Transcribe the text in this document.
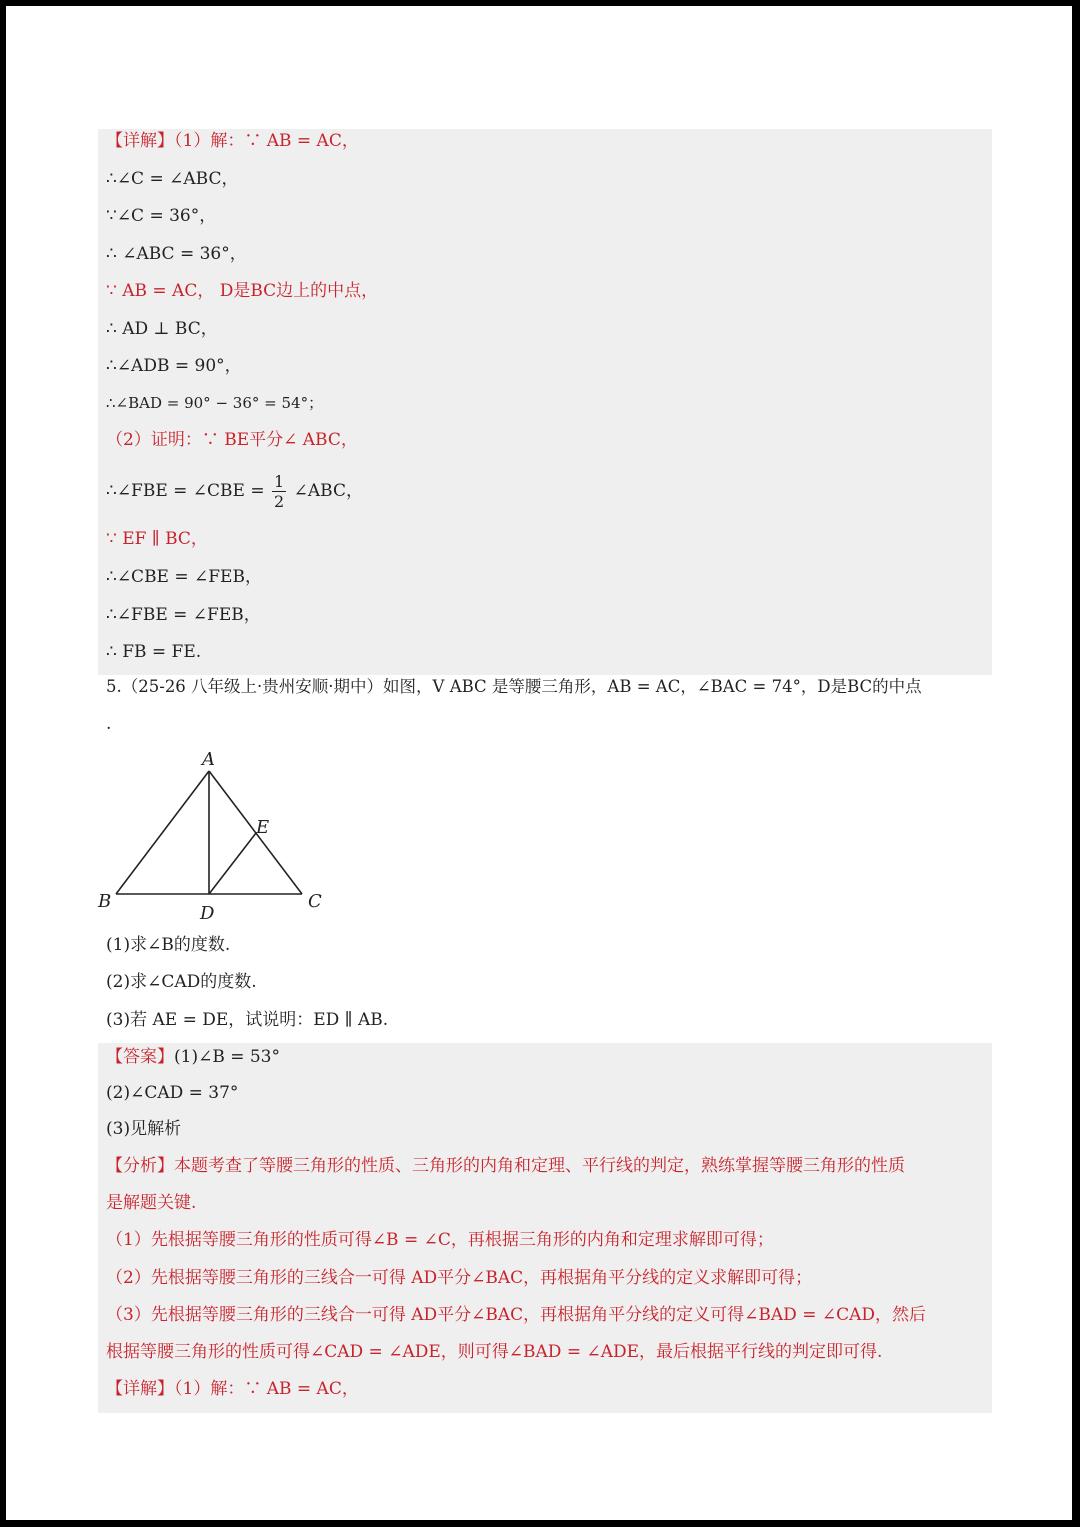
【详解】（1）解：∵ AB = AC，
∴∠C = ∠ABC，
∵∠C = 36°，
∴ ∠ABC = 36°，
∵ AB = AC， D是BC边上的中点，
∴ AD ⊥ BC，
∴∠ADB = 90°，
∴∠BAD = 90° − 36° = 54°；
（2）证明：∵ BE平分∠ ABC，
∴∠FBE = ∠CBE = $\frac{1}{2}$ ∠ABC，
∵ EF ∥ BC，
∴∠CBE = ∠FEB，
∴∠FBE = ∠FEB，
∴ FB = FE.
5.（25-26 八年级上·贵州安顺·期中）如图，V ABC 是等腰三角形，AB = AC，∠BAC = 74°，D是BC的中点
.
A
B	C
D
E
(1)求∠B的度数.
(2)求∠CAD的度数.
(3)若 AE = DE，试说明：ED ∥ AB.
【答案】(1)∠B = 53°
(2)∠CAD = 37°
(3)见解析
【分析】本题考查了等腰三角形的性质、三角形的内角和定理、平行线的判定，熟练掌握等腰三角形的性质
是解题关键.
（1）先根据等腰三角形的性质可得∠B = ∠C，再根据三角形的内角和定理求解即可得；
（2）先根据等腰三角形的三线合一可得 AD平分∠BAC，再根据角平分线的定义求解即可得；
（3）先根据等腰三角形的三线合一可得 AD平分∠BAC，再根据角平分线的定义可得∠BAD = ∠CAD，然后
根据等腰三角形的性质可得∠CAD = ∠ADE，则可得∠BAD = ∠ADE，最后根据平行线的判定即可得.
【详解】（1）解：∵ AB = AC，
